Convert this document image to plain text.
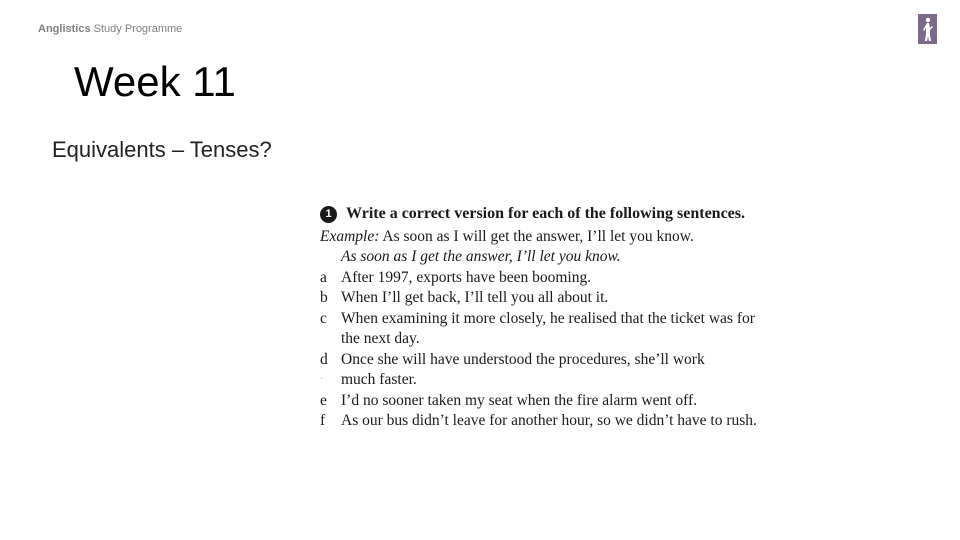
Anglistics Study Programme
Week 11
Equivalents – Tenses?
1 Write a correct version for each of the following sentences.
Example: As soon as I will get the answer, I’ll let you know.
As soon as I get the answer, I’ll let you know.
a After 1997, exports have been booming.
b When I’ll get back, I’ll tell you all about it.
c When examining it more closely, he realised that the ticket was for
the next day.
d Once she will have understood the procedures, she’ll work
·	much faster.
e I’d no sooner taken my seat when the fire alarm went off.
f	As our bus didn’t leave for another hour, so we didn’t have to rush.
